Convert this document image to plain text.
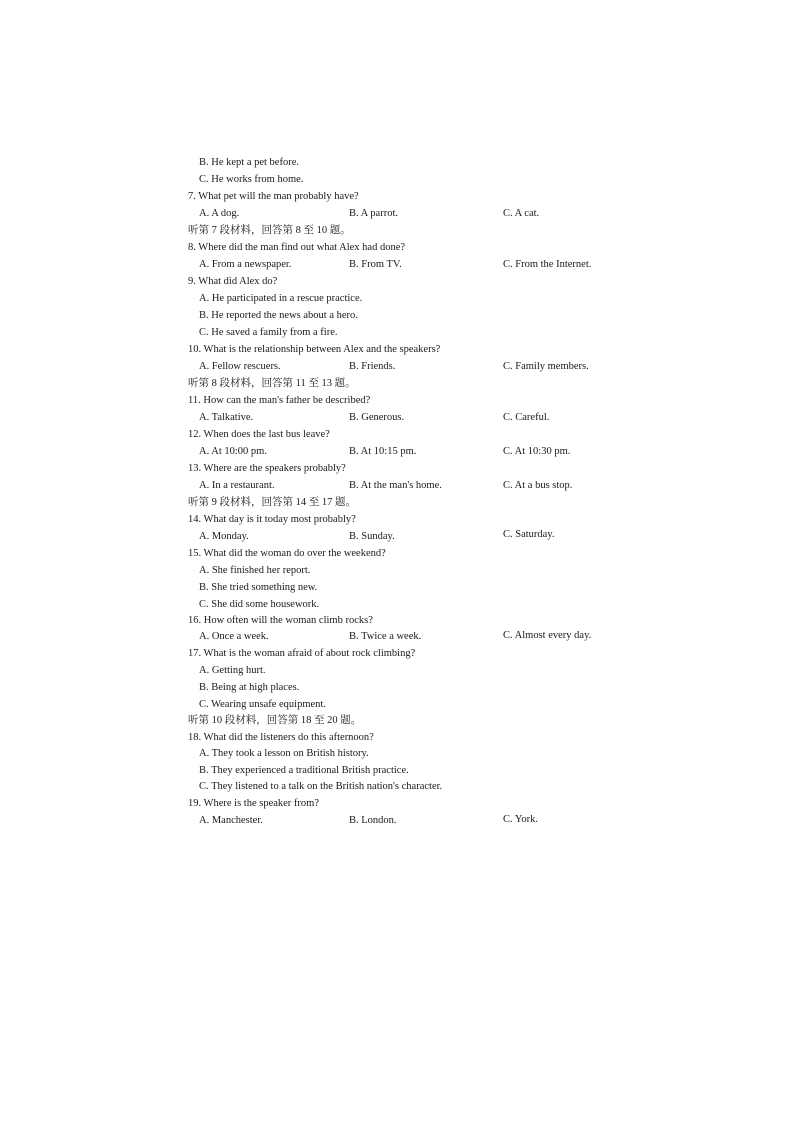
B. He kept a pet before.
C. He works from home.
7. What pet will the man probably have?
A. A dog.	B. A parrot.	C. A cat.
听第 7 段材料，回答第 8 至 10 题。
8. Where did the man find out what Alex had done?
A. From a newspaper.	B. From TV.	C. From the Internet.
9. What did Alex do?
A. He participated in a rescue practice.
B. He reported the news about a hero.
C. He saved a family from a fire.
10. What is the relationship between Alex and the speakers?
A. Fellow rescuers.	B. Friends.	C. Family members.
听第 8 段材料，回答第 11 至 13 题。
11. How can the man's father be described?
A. Talkative.	B. Generous.	C. Careful.
12. When does the last bus leave?
A. At 10:00 pm.	B. At 10:15 pm.	C. At 10:30 pm.
13. Where are the speakers probably?
A. In a restaurant.	B. At the man's home.	C. At a bus stop.
听第 9 段材料，回答第 14 至 17 题。
14. What day is it today most probably?
A. Monday.	B. Sunday.	C. Saturday.
15. What did the woman do over the weekend?
A. She finished her report.
B. She tried something new.
C. She did some housework.
16. How often will the woman climb rocks?
A. Once a week.	B. Twice a week.	C. Almost every day.
17. What is the woman afraid of about rock climbing?
A. Getting hurt.
B. Being at high places.
C. Wearing unsafe equipment.
听第 10 段材料，回答第 18 至 20 题。
18. What did the listeners do this afternoon?
A. They took a lesson on British history.
B. They experienced a traditional British practice.
C. They listened to a talk on the British nation's character.
19. Where is the speaker from?
A. Manchester.	B. London.	C. York.
